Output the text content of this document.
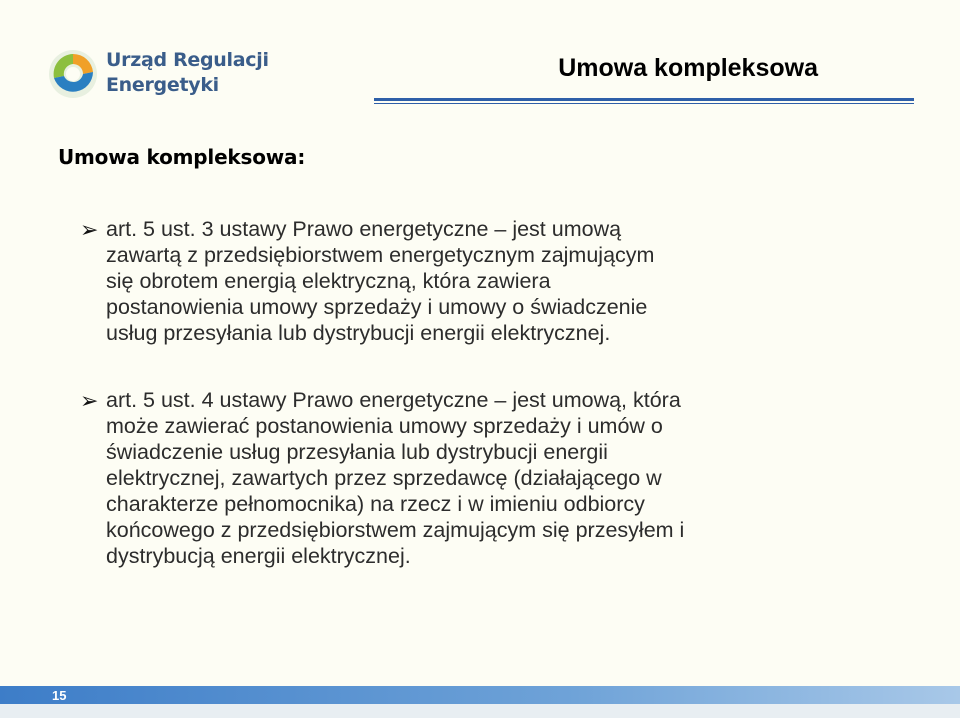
Urząd Regulacji
Energetyki
Umowa kompleksowa
Umowa kompleksowa:
➢ art. 5 ust. 3 ustawy Prawo energetyczne – jest umową
zawartą z przedsiębiorstwem energetycznym zajmującym
się obrotem energią elektryczną, która zawiera
postanowienia umowy sprzedaży i umowy o świadczenie
usług przesyłania lub dystrybucji energii elektrycznej.
➢ art. 5 ust. 4 ustawy Prawo energetyczne – jest umową, która
może zawierać postanowienia umowy sprzedaży i umów o
świadczenie usług przesyłania lub dystrybucji energii
elektrycznej, zawartych przez sprzedawcę (działającego w
charakterze pełnomocnika) na rzecz i w imieniu odbiorcy
końcowego z przedsiębiorstwem zajmującym się przesyłem i
dystrybucją energii elektrycznej.
15
